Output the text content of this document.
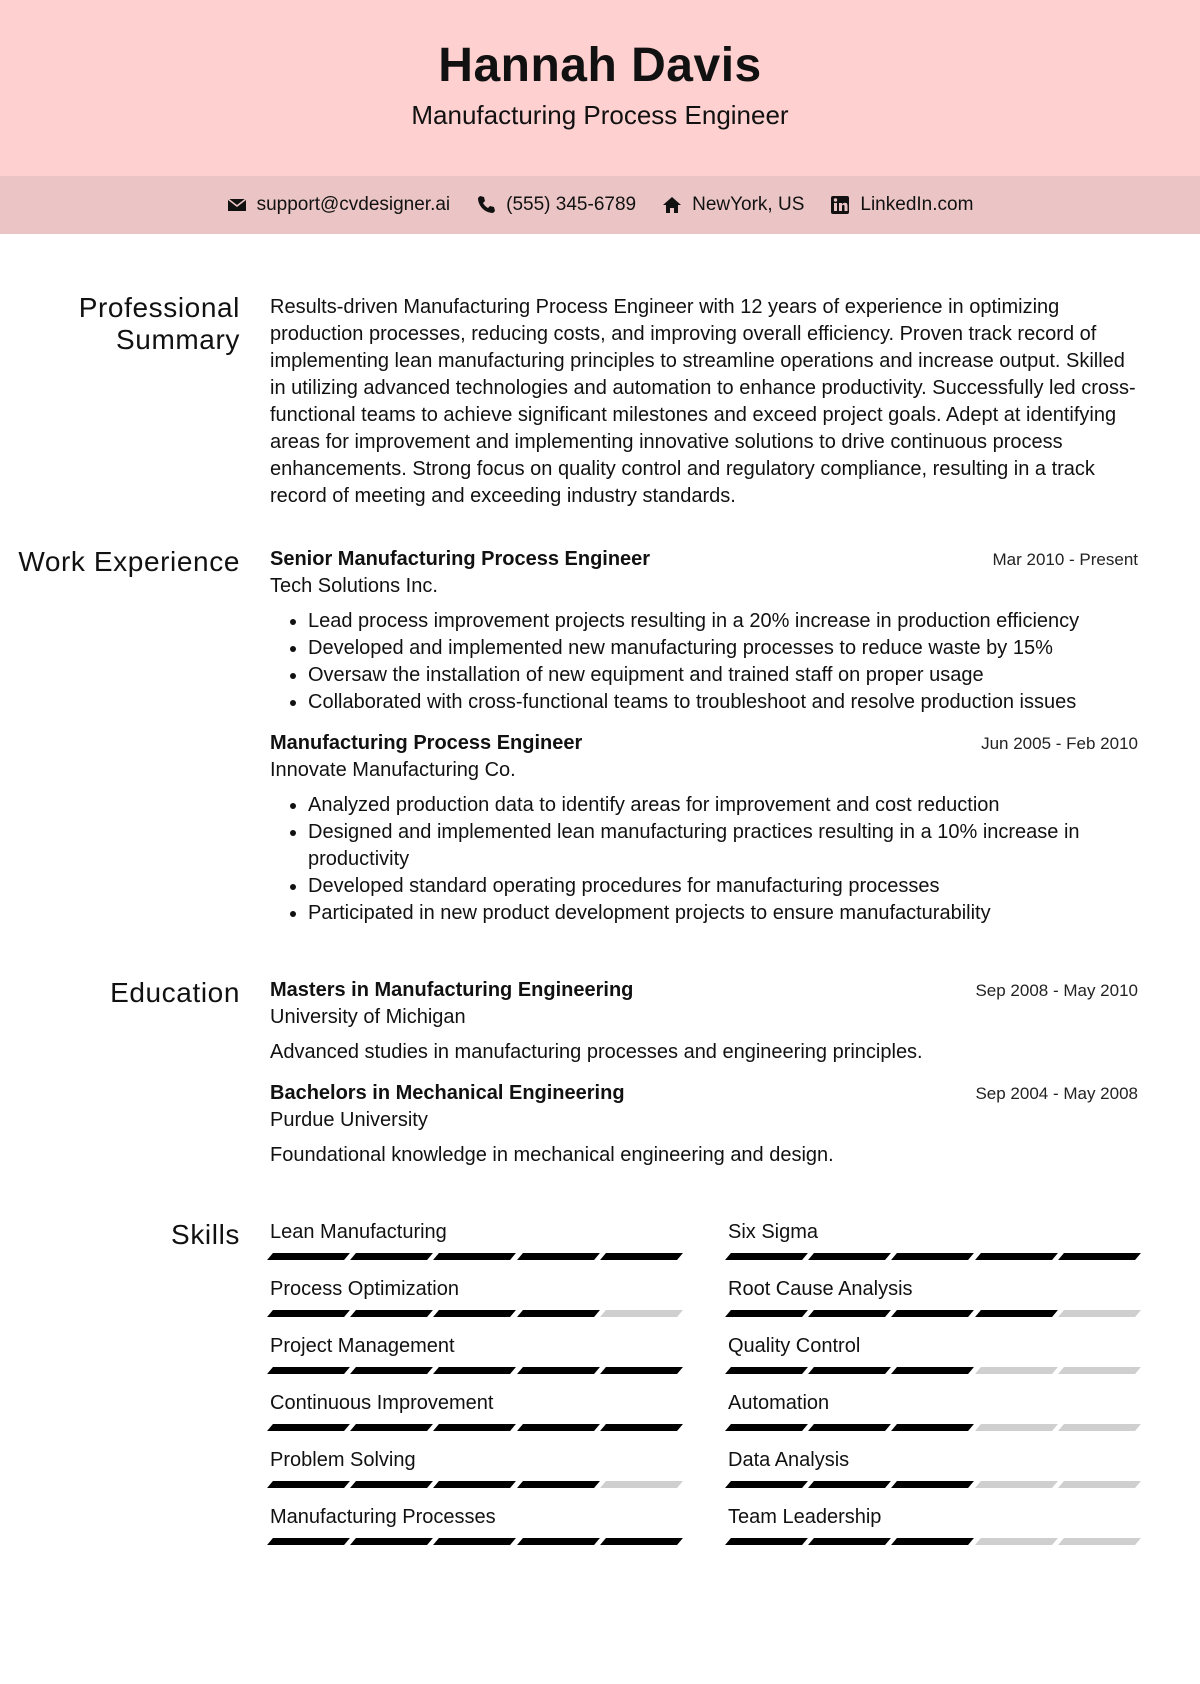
Hannah Davis
Manufacturing Process Engineer
support@cvdesigner.ai	(555) 345-6789	NewYork, US	LinkedIn.com
Professional Summary

Results-driven Manufacturing Process Engineer with 12 years of experience in optimizing production processes, reducing costs, and improving overall efficiency. Proven track record of implementing lean manufacturing principles to streamline operations and increase output. Skilled in utilizing advanced technologies and automation to enhance productivity. Successfully led cross-functional teams to achieve significant milestones and exceed project goals. Adept at identifying areas for improvement and implementing innovative solutions to drive continuous process enhancements. Strong focus on quality control and regulatory compliance, resulting in a track record of meeting and exceeding industry standards.

Work Experience	Senior Manufacturing Process Engineer	Mar 2010 - Present
Tech Solutions Inc.
• Lead process improvement projects resulting in a 20% increase in production efficiency
• Developed and implemented new manufacturing processes to reduce waste by 15%
• Oversaw the installation of new equipment and trained staff on proper usage
• Collaborated with cross-functional teams to troubleshoot and resolve production issues
Manufacturing Process Engineer	Jun 2005 - Feb 2010
Innovate Manufacturing Co.
• Analyzed production data to identify areas for improvement and cost reduction
• Designed and implemented lean manufacturing practices resulting in a 10% increase in productivity
• Developed standard operating procedures for manufacturing processes
• Participated in new product development projects to ensure manufacturability
Education	Masters in Manufacturing Engineering	Sep 2008 - May 2010
University of Michigan
Advanced studies in manufacturing processes and engineering principles.
Bachelors in Mechanical Engineering	Sep 2004 - May 2008
Purdue University
Foundational knowledge in mechanical engineering and design.
Skills	Lean Manufacturing	Six Sigma
Process Optimization	Root Cause Analysis
Project Management	Quality Control
Continuous Improvement	Automation
Problem Solving	Data Analysis
Manufacturing Processes	Team Leadership
